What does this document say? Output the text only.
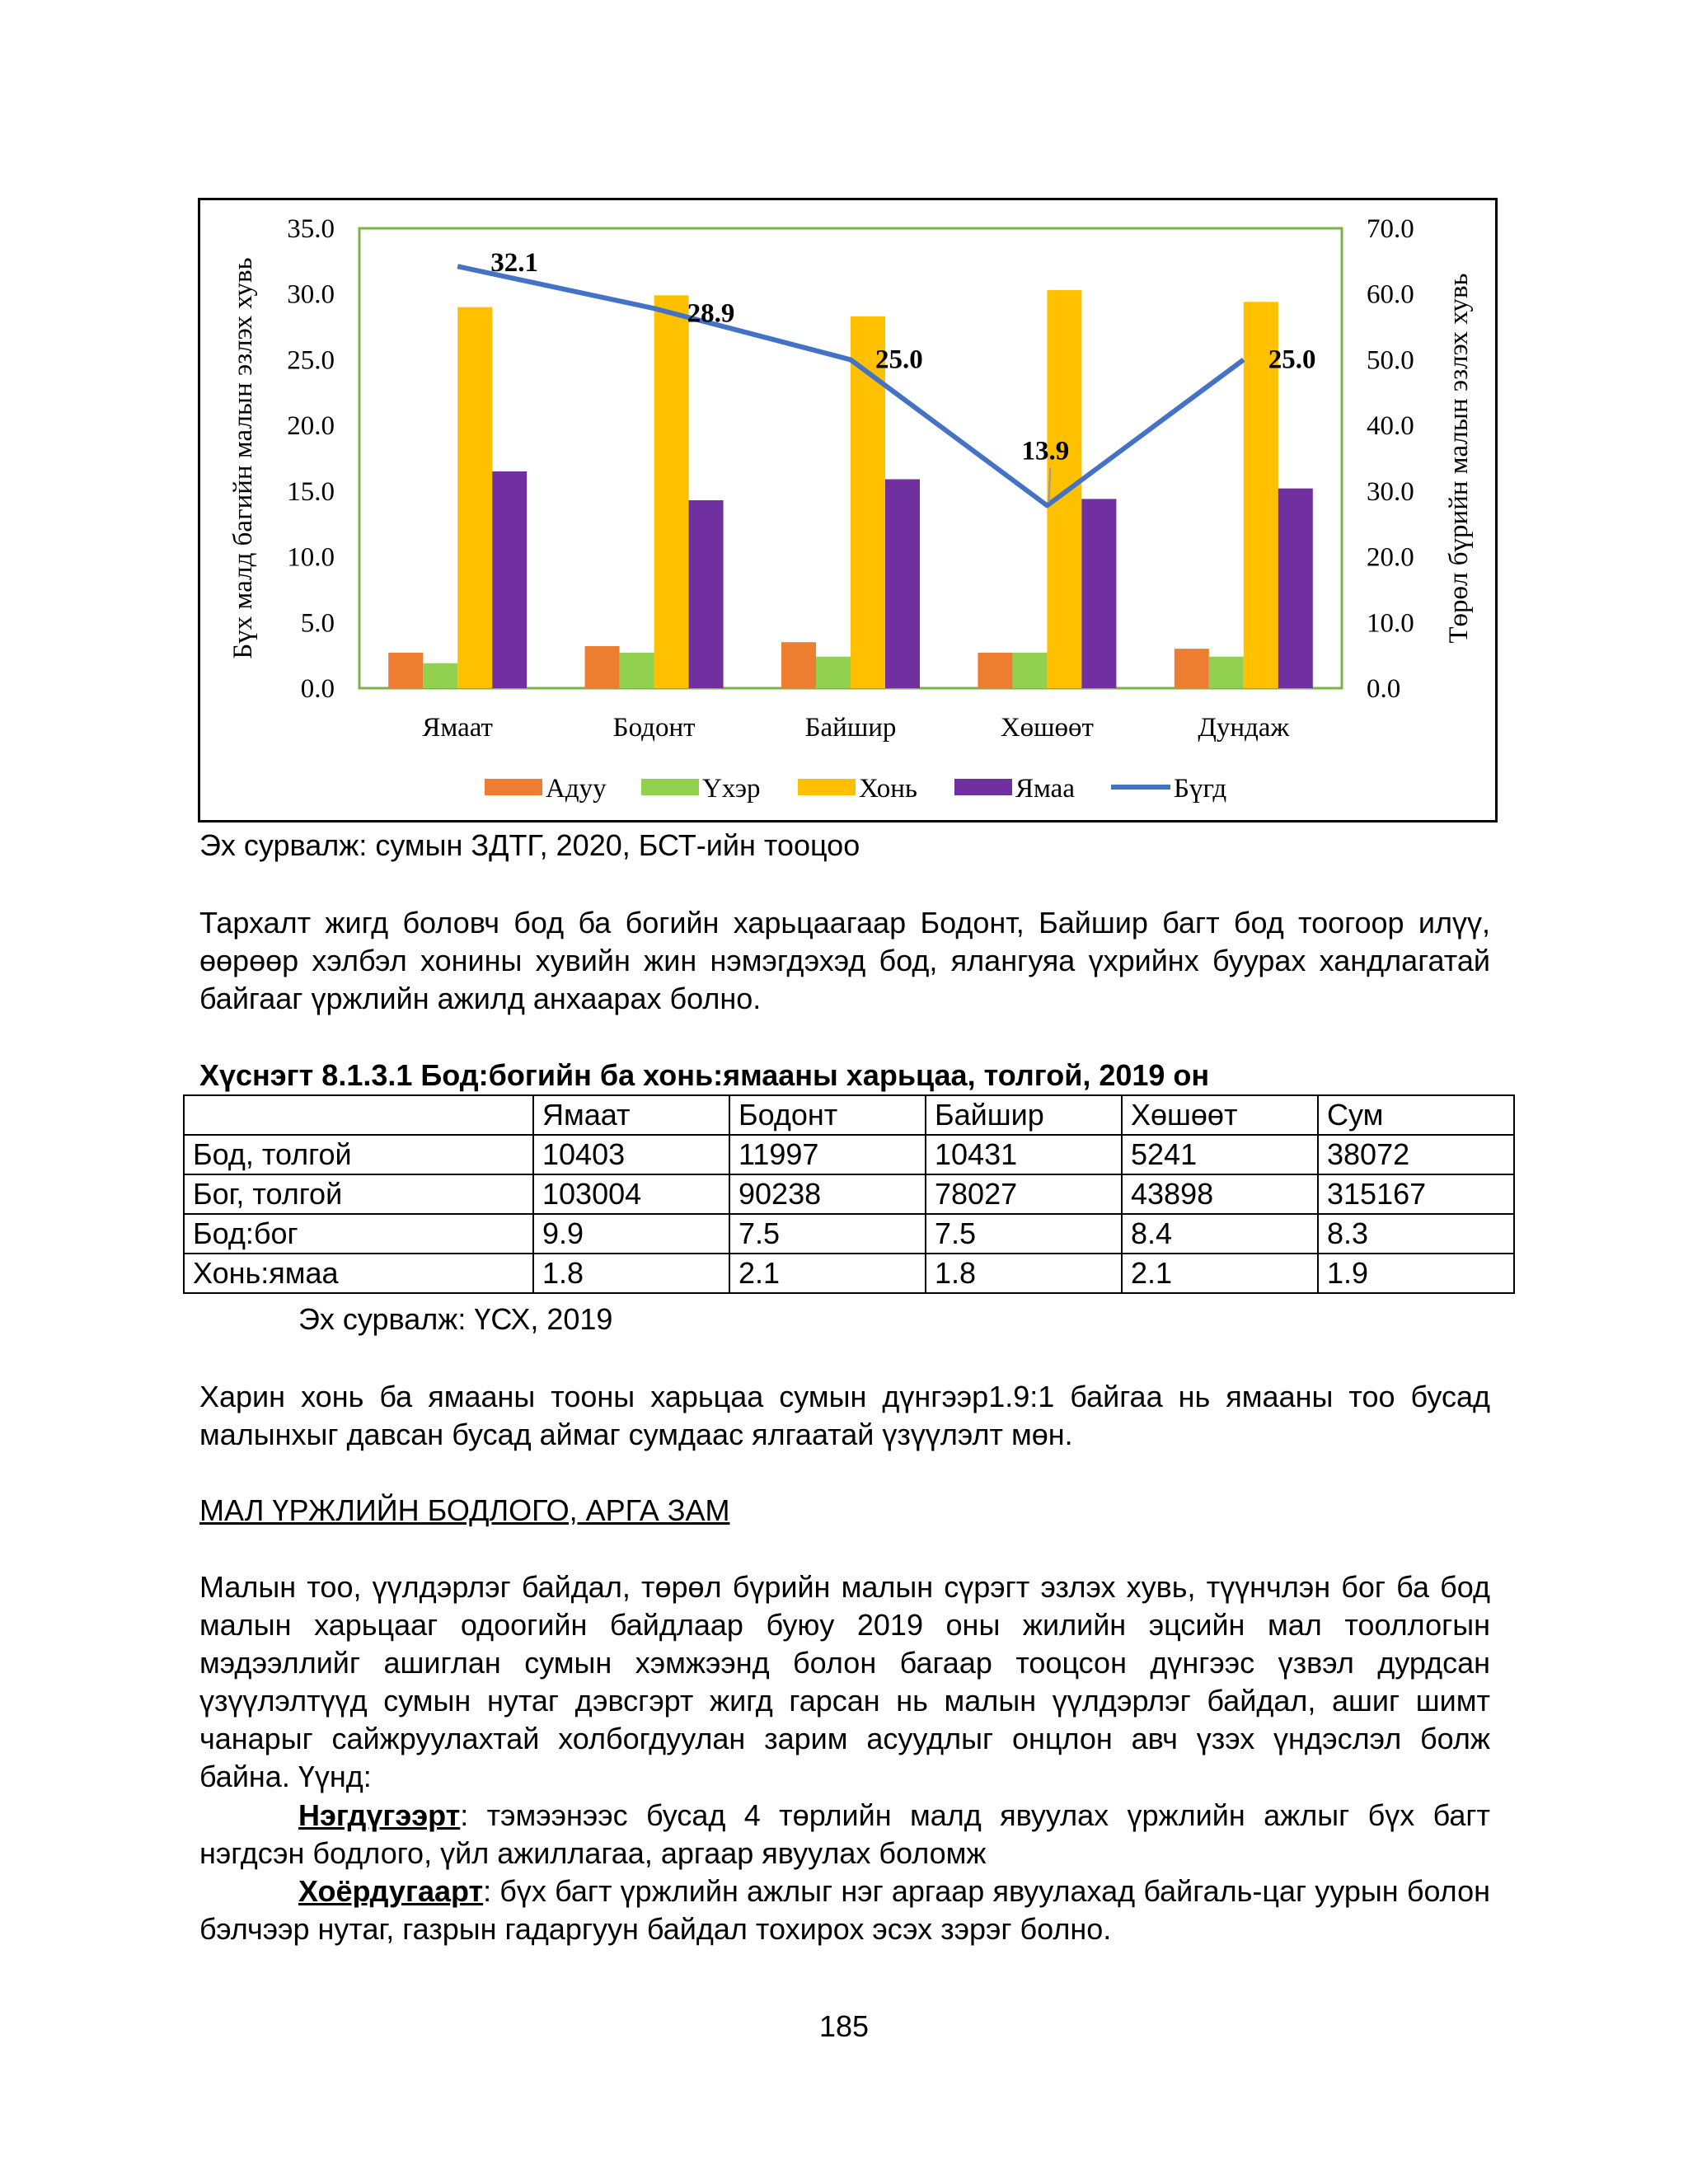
0.0
5.0
10.0
15.0
20.0
25.0
30.0
35.0
0.0
10.0
20.0
30.0
40.0
50.0
60.0
70.0
Бүх малд багийн малын эзлэх хувь	Төрөл бүрийн малын эзлэх хувь
Ямаат	Бодонт	Байшир	Хөшөөт	Дундаж
32.1
28.9
25.0
13.9
25.0
Адуу	Үхэр	Хонь	Ямаа	Бүгд
Эх сурвалж: сумын ЗДТГ, 2020, БСТ-ийн тооцоо
Тархалт жигд боловч бод ба богийн харьцаагаар Бодонт, Байшир багт бод тоогоор илүү, өөрөөр хэлбэл хонины хувийн жин нэмэгдэхэд бод, ялангуяа үхрийнх буурах хандлагатай байгааг үржлийн ажилд анхаарах болно.
Хүснэгт 8.1.3.1 Бод:богийн ба хонь:ямааны харьцаа, толгой, 2019 он
	Ямаат	Бодонт	Байшир	Хөшөөт	Сум
Бод, толгой	10403	11997	10431	5241	38072
Бог, толгой	103004	90238	78027	43898	315167
Бод:бог	9.9	7.5	7.5	8.4	8.3
Хонь:ямаа	1.8	2.1	1.8	2.1	1.9
Эх сурвалж: ҮСХ, 2019
Харин хонь ба ямааны тооны харьцаа сумын дүнгээр1.9:1 байгаа нь ямааны тоо бусад малынхыг давсан бусад аймаг сумдаас ялгаатай үзүүлэлт мөн.
МАЛ ҮРЖЛИЙН БОДЛОГО, АРГА ЗАМ
Малын тоо, үүлдэрлэг байдал, төрөл бүрийн малын сүрэгт эзлэх хувь, түүнчлэн бог ба бод малын харьцааг одоогийн байдлаар буюу 2019 оны жилийн эцсийн мал тооллогын мэдээллийг ашиглан сумын хэмжээнд болон багаар тооцсон дүнгээс үзвэл дурдсан үзүүлэлтүүд сумын нутаг дэвсгэрт жигд гарсан нь малын үүлдэрлэг байдал, ашиг шимт чанарыг сайжруулахтай холбогдуулан зарим асуудлыг онцлон авч үзэх үндэслэл болж байна. Үүнд:
Нэгдүгээрт: тэмээнээс бусад 4 төрлийн малд явуулах үржлийн ажлыг бүх багт нэгдсэн бодлого, үйл ажиллагаа, аргаар явуулах боломж
Хоёрдугаарт: бүх багт үржлийн ажлыг нэг аргаар явуулахад байгаль-цаг уурын болон бэлчээр нутаг, газрын гадаргуун байдал тохирох эсэх зэрэг болно.
185
